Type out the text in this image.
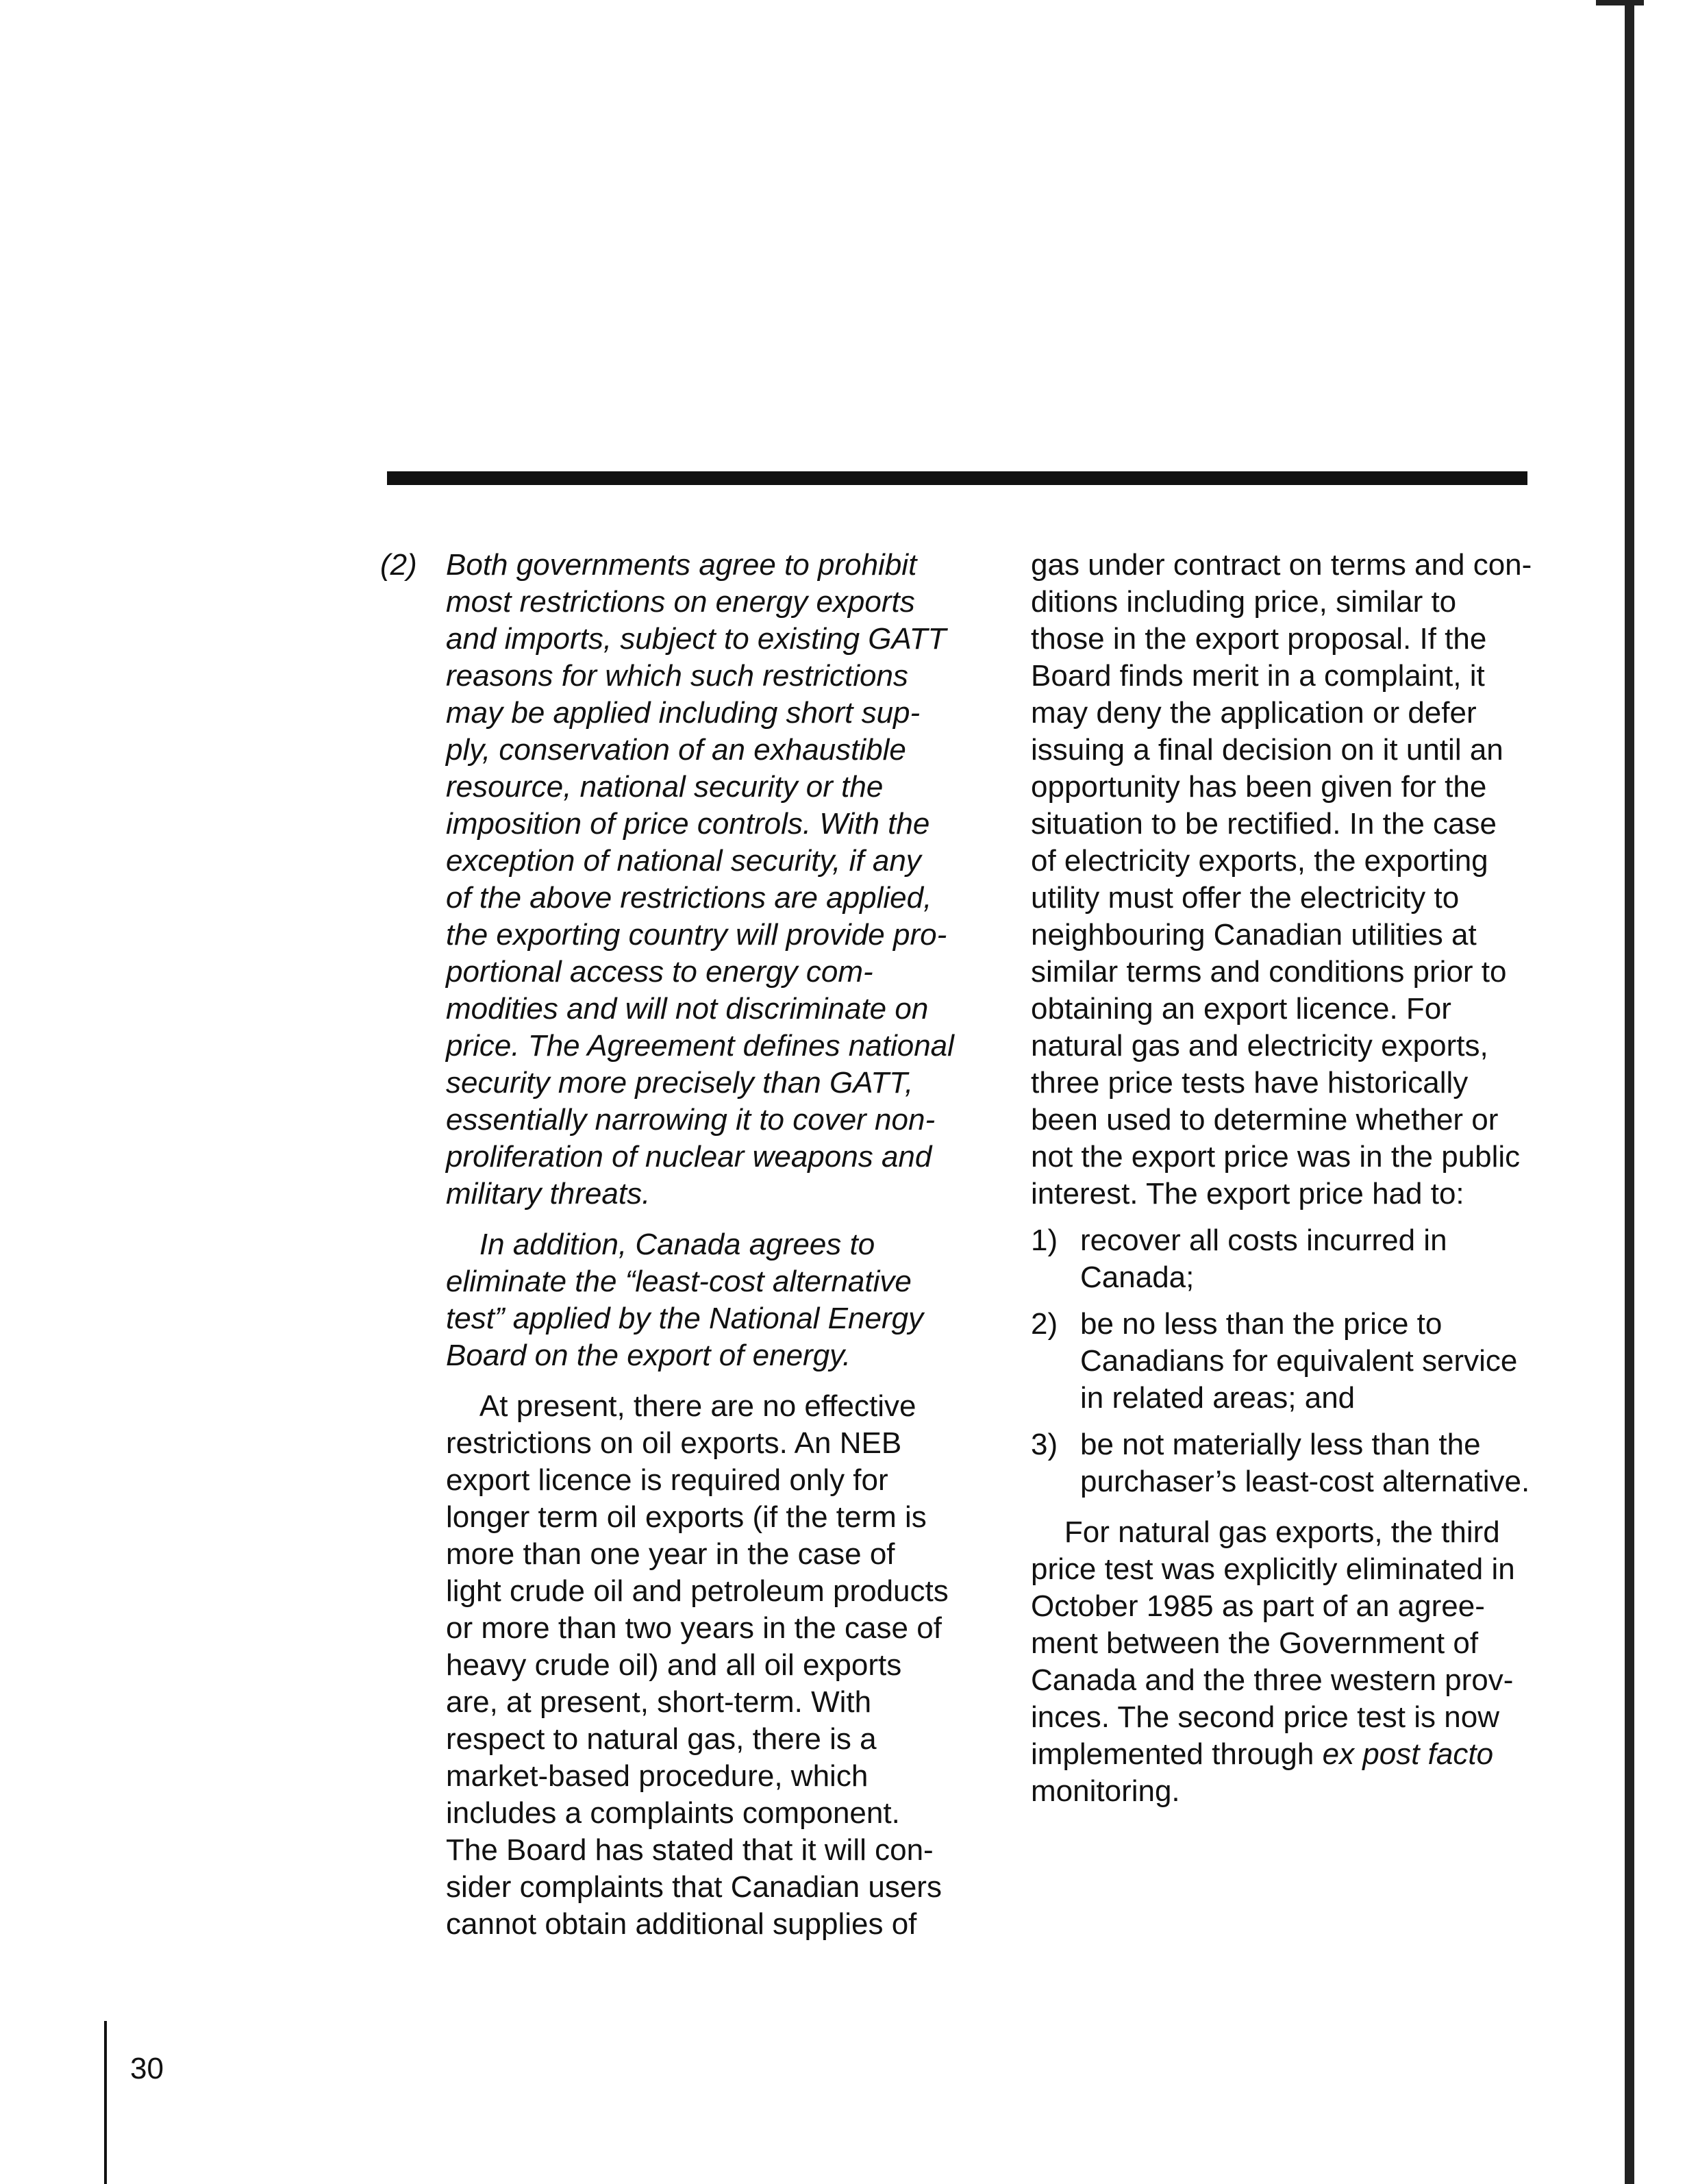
(2) Both governments agree to prohibit
most restrictions on energy exports
and imports, subject to existing GATT
reasons for which such restrictions
may be applied including short sup-
ply, conservation of an exhaustible
resource, national security or the
imposition of price controls. With the
exception of national security, if any
of the above restrictions are applied,
the exporting country will provide pro-
portional access to energy com-
modities and will not discriminate on
price. The Agreement defines national
security more precisely than GATT,
essentially narrowing it to cover non-
proliferation of nuclear weapons and
military threats.
In addition, Canada agrees to
eliminate the “least-cost alternative
test” applied by the National Energy
Board on the export of energy.
At present, there are no effective
restrictions on oil exports. An NEB
export licence is required only for
longer term oil exports (if the term is
more than one year in the case of
light crude oil and petroleum products
or more than two years in the case of
heavy crude oil) and all oil exports
are, at present, short-term. With
respect to natural gas, there is a
market-based procedure, which
includes a complaints component.
The Board has stated that it will con-
sider complaints that Canadian users
cannot obtain additional supplies of
gas under contract on terms and con-
ditions including price, similar to
those in the export proposal. If the
Board finds merit in a complaint, it
may deny the application or defer
issuing a final decision on it until an
opportunity has been given for the
situation to be rectified. In the case
of electricity exports, the exporting
utility must offer the electricity to
neighbouring Canadian utilities at
similar terms and conditions prior to
obtaining an export licence. For
natural gas and electricity exports,
three price tests have historically
been used to determine whether or
not the export price was in the public
interest. The export price had to:
1) recover all costs incurred in
Canada;
2) be no less than the price to
Canadians for equivalent service
in related areas; and
3) be not materially less than the
purchaser’s least-cost alternative.
For natural gas exports, the third
price test was explicitly eliminated in
October 1985 as part of an agree-
ment between the Government of
Canada and the three western prov-
inces. The second price test is now
implemented through ex post facto
monitoring.
30
